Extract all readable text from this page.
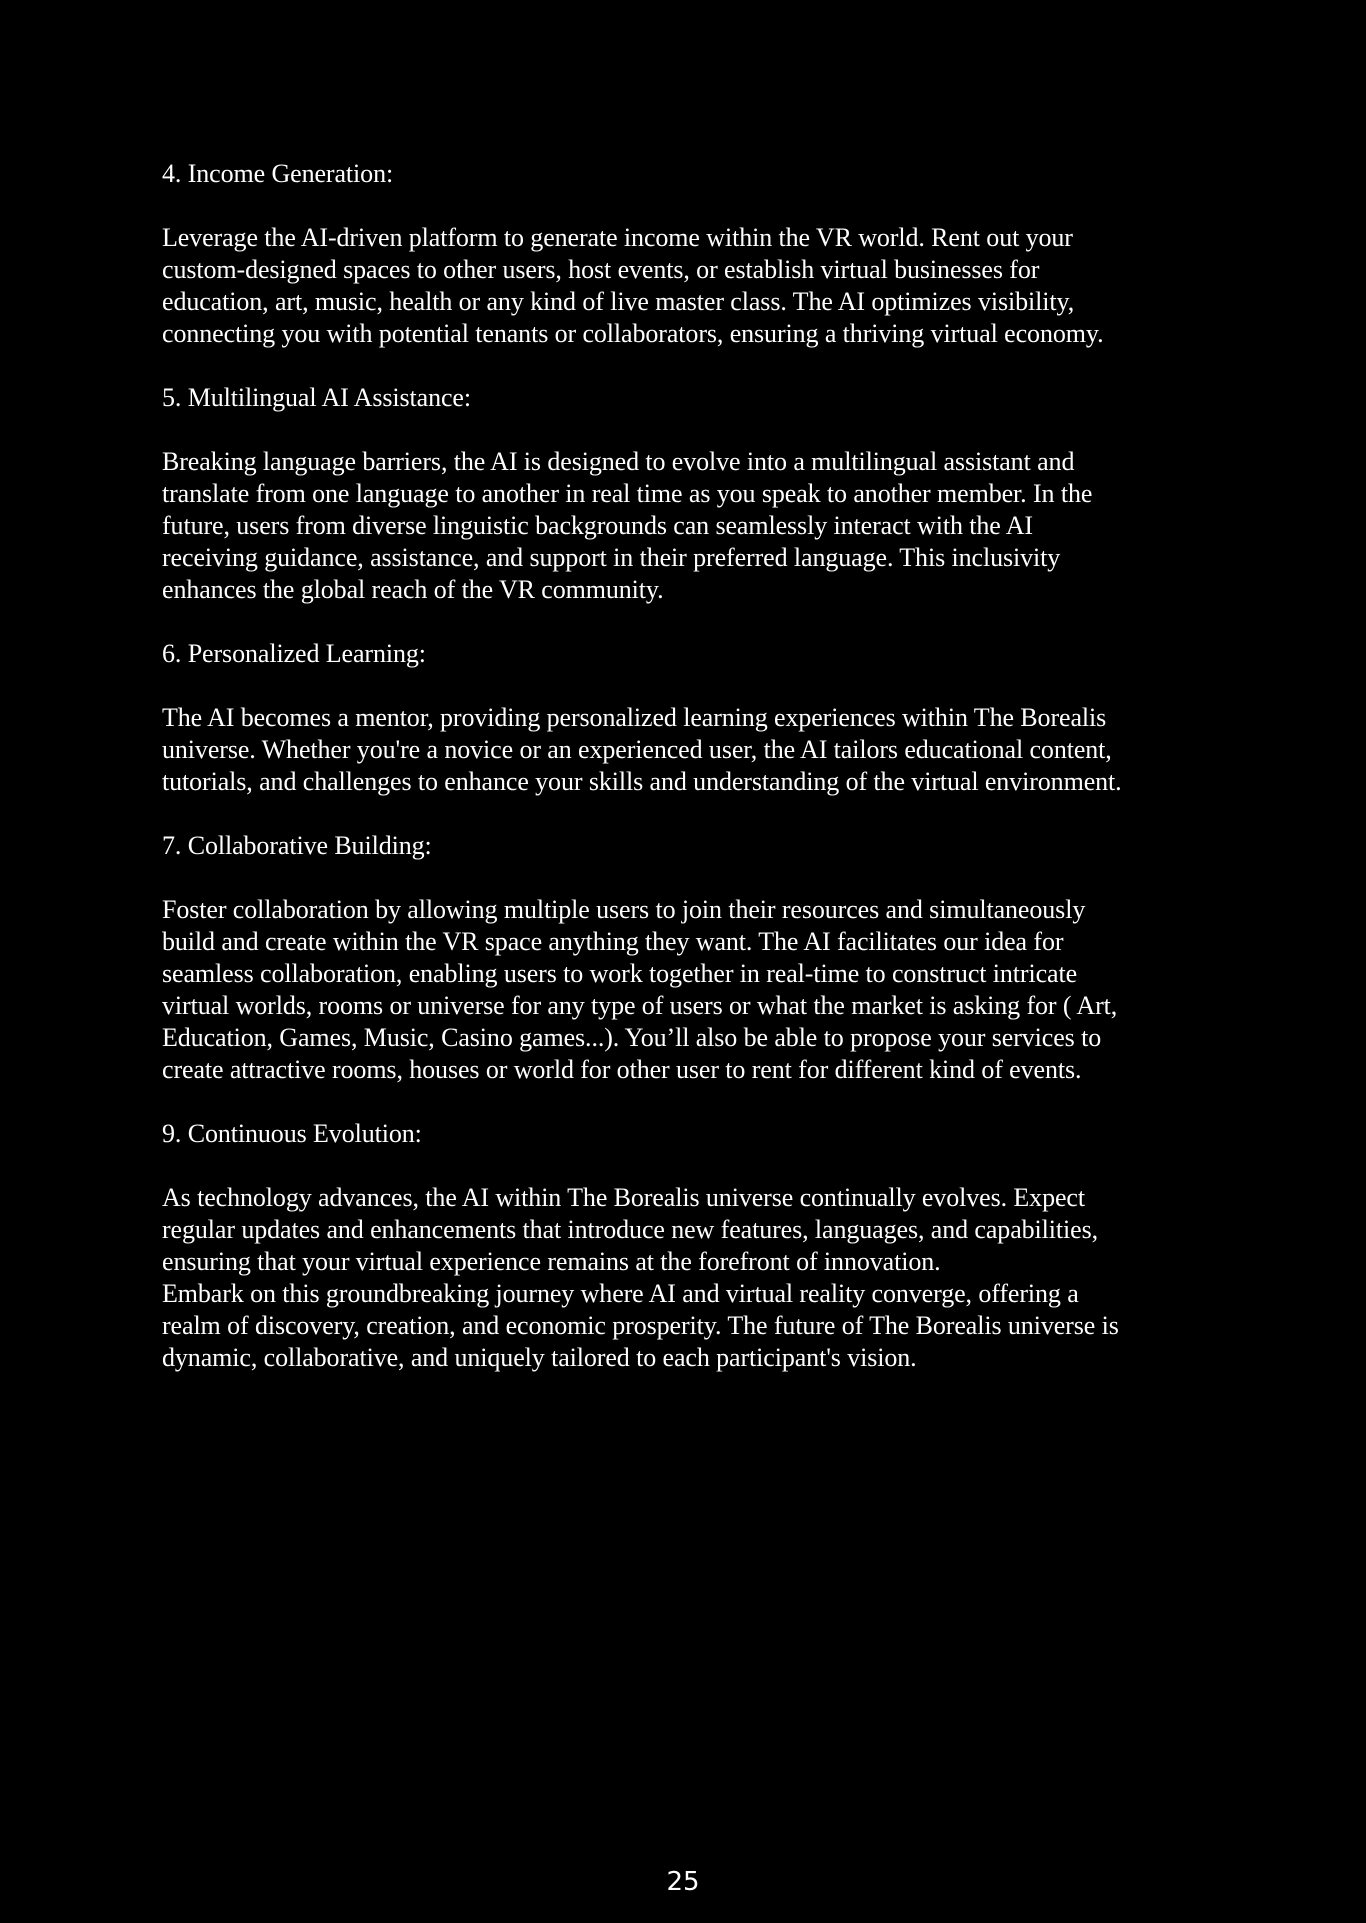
4. Income Generation:
Leverage the AI-driven platform to generate income within the VR world. Rent out your
custom-designed spaces to other users, host events, or establish virtual businesses for
education, art, music, health or any kind of live master class. The AI optimizes visibility,
connecting you with potential tenants or collaborators, ensuring a thriving virtual economy.
5. Multilingual AI Assistance:
Breaking language barriers, the AI is designed to evolve into a multilingual assistant and
translate from one language to another in real time as you speak to another member. In the
future, users from diverse linguistic backgrounds can seamlessly interact with the AI
receiving guidance, assistance, and support in their preferred language. This inclusivity
enhances the global reach of the VR community.
6. Personalized Learning:
The AI becomes a mentor, providing personalized learning experiences within The Borealis
universe. Whether you're a novice or an experienced user, the AI tailors educational content,
tutorials, and challenges to enhance your skills and understanding of the virtual environment.
7. Collaborative Building:
Foster collaboration by allowing multiple users to join their resources and simultaneously
build and create within the VR space anything they want. The AI facilitates our idea for
seamless collaboration, enabling users to work together in real-time to construct intricate
virtual worlds, rooms or universe for any type of users or what the market is asking for ( Art,
Education, Games, Music, Casino games...). You’ll also be able to propose your services to
create attractive rooms, houses or world for other user to rent for different kind of events.
9. Continuous Evolution:
As technology advances, the AI within The Borealis universe continually evolves. Expect
regular updates and enhancements that introduce new features, languages, and capabilities,
ensuring that your virtual experience remains at the forefront of innovation.
Embark on this groundbreaking journey where AI and virtual reality converge, offering a
realm of discovery, creation, and economic prosperity. The future of The Borealis universe is
dynamic, collaborative, and uniquely tailored to each participant's vision.
25
